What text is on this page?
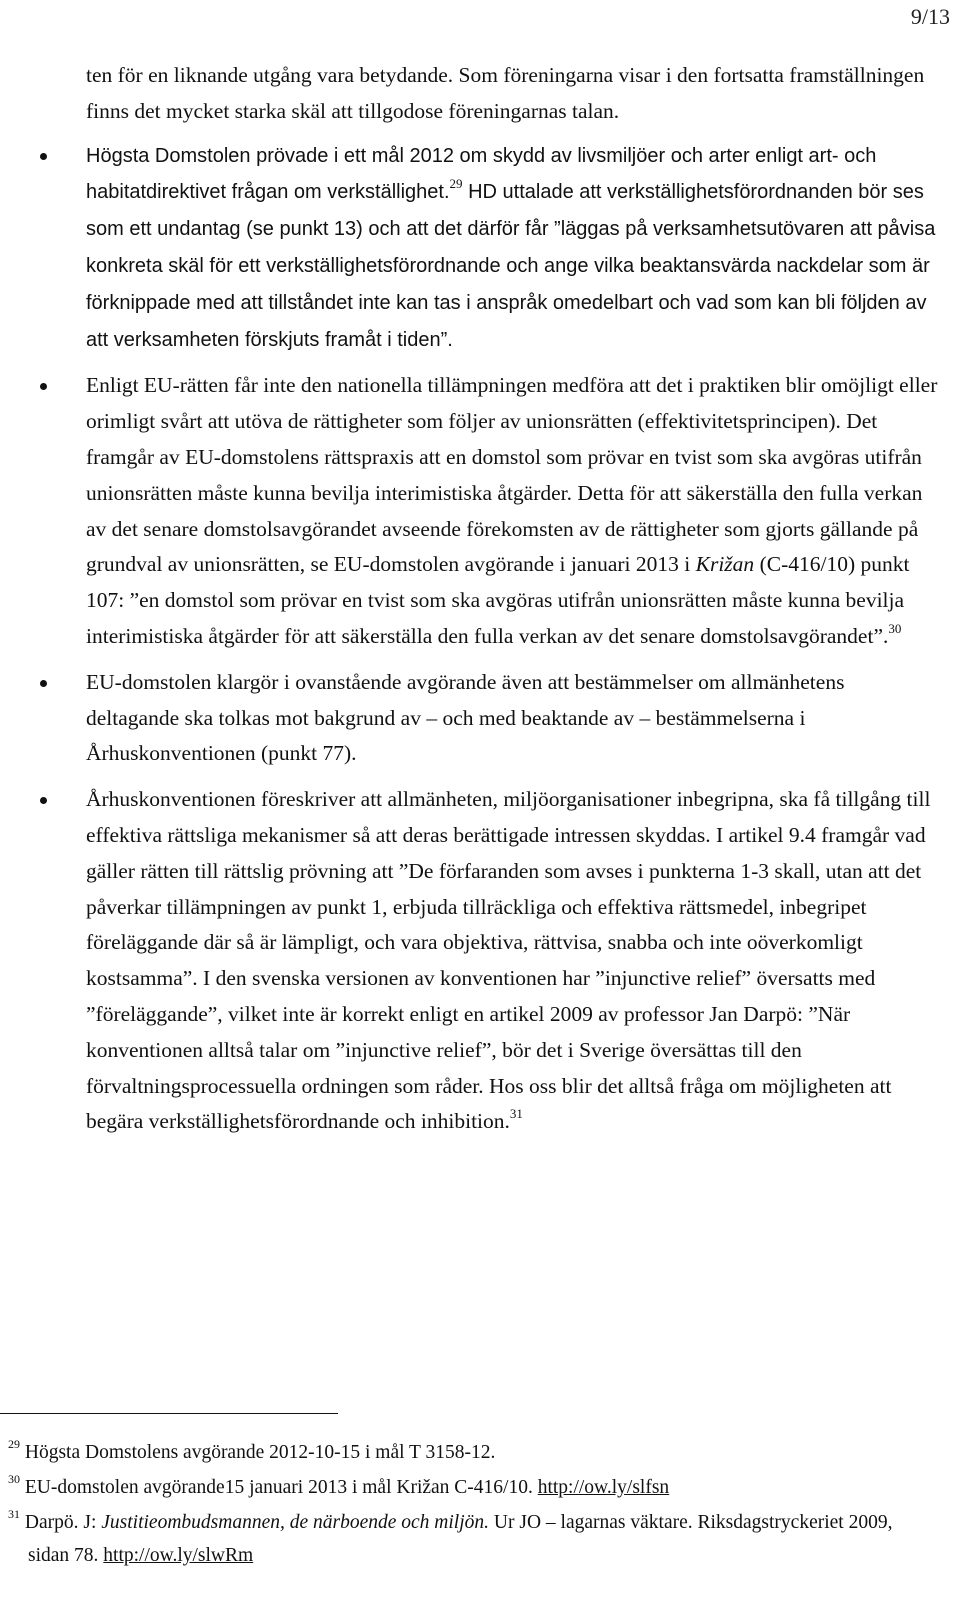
9/13

ten för en liknande utgång vara betydande. Som föreningarna visar i den fortsatta framställningen finns det mycket starka skäl att tillgodose föreningarnas talan.

Högsta Domstolen prövade i ett mål 2012 om skydd av livsmiljöer och arter enligt art- och habitatdirektivet frågan om verkställighet.$^{29}$ HD uttalade att verkställighetsförordnanden bör ses som ett undantag (se punkt 13) och att det därför får ”läggas på verksamhetsutövaren att påvisa konkreta skäl för ett verkställighetsförordnande och ange vilka beaktansvärda nackdelar som är förknippade med att tillståndet inte kan tas i anspråk omedelbart och vad som kan bli följden av att verksamheten förskjuts framåt i tiden”.
Enligt EU-rätten får inte den nationella tillämpningen medföra att det i praktiken blir omöjligt eller orimligt svårt att utöva de rättigheter som följer av unionsrätten (effektivitetsprincipen). Det framgår av EU-domstolens rättspraxis att en domstol som prövar en tvist som ska avgöras utifrån unionsrätten måste kunna bevilja interimistiska åtgärder. Detta för att säkerställa den fulla verkan av det senare domstolsavgörandet avseende förekomsten av de rättigheter som gjorts gällande på grundval av unionsrätten, se EU-domstolen avgörande i januari 2013 i Križan (C-416/10) punkt 107: ”en domstol som prövar en tvist som ska avgöras utifrån unionsrätten måste kunna bevilja interimistiska åtgärder för att säkerställa den fulla verkan av det senare domstolsavgörandet”.$^{30}$
EU-domstolen klargör i ovanstående avgörande även att bestämmelser om allmänhetens deltagande ska tolkas mot bakgrund av – och med beaktande av – bestämmelserna i Århuskonventionen (punkt 77).
Århuskonventionen föreskriver att allmänheten, miljöorganisationer inbegripna, ska få tillgång till effektiva rättsliga mekanismer så att deras berättigade intressen skyddas. I artikel 9.4 framgår vad gäller rätten till rättslig prövning att ”De förfaranden som avses i punkterna 1-3 skall, utan att det påverkar tillämpningen av punkt 1, erbjuda tillräckliga och effektiva rättsmedel, inbegripet föreläggande där så är lämpligt, och vara objektiva, rättvisa, snabba och inte oöverkomligt kostsamma”. I den svenska versionen av konventionen har ”injunctive relief” översatts med ”föreläggande”, vilket inte är korrekt enligt en artikel 2009 av professor Jan Darpö: ”När konventionen alltså talar om ”injunctive relief”, bör det i Sverige översättas till den förvaltningsprocessuella ordningen som råder. Hos oss blir det alltså fråga om möjligheten att begära verkställighetsförordnande och inhibition.$^{31}$

$^{29}$ Högsta Domstolens avgörande 2012-10-15 i mål T 3158-12.

$^{30}$ EU-domstolen avgörande15 januari 2013 i mål Križan C-416/10. http://ow.ly/slfsn

$^{31}$ Darpö. J: Justitieombudsmannen, de närboende och miljön. Ur JO – lagarnas väktare. Riksdagstryckeriet 2009, sidan 78. http://ow.ly/slwRm
